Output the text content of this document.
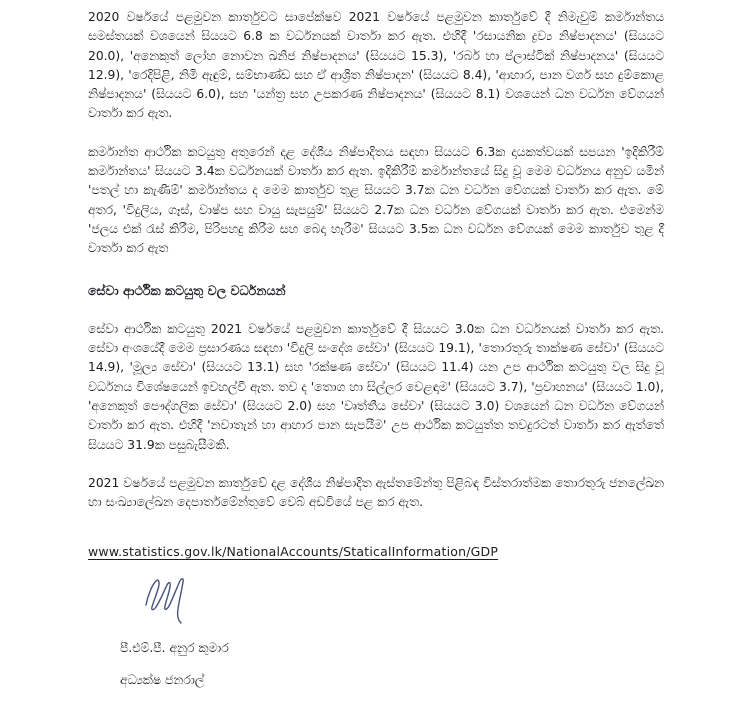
2020 වර්ෂයේ පළමුවන කාර්තුවට සාපේක්ෂව 2021 වර්ෂයේ පළමුවන කාර්තුවේ දී නිමැවුම් කර්මාන්තය සමස්තයක් වශයෙන් සියයට 6.8 ක වර්ධනයක් වාර්තා කර ඇත. එහිදී 'රසායනික ද්‍රව්‍ය නිෂ්පාදනය' (සියයට 20.0), 'අනෙකුත් ලෝහ නොවන ඛනිජ නිෂ්පාදනය' (සියයට 15.3), 'රබර් හා ප්ලාස්ටික් නිෂ්පාදනය' (සියයට 12.9), 'රෙදිපිළි, නිමි ඇඳුම්, සම්භාණ්ඩ සහ ඒ ආශ්‍රිත නිෂ්පාදන' (සියයට 8.4), 'ආහාර, පාන වර්ග සහ දුම්කොළ නිෂ්පාදනය' (සියයට 6.0), සහ 'යන්ත්‍ර සහ උපකරණ නිෂ්පාදනය' (සියයට 8.1) වශයෙන් ධන වර්ධන වේගයන් වාර්තා කර ඇත.

කර්මාන්ත ආර්ථික කටයුතු අතුරෙන් දළ දේශීය නිෂ්පාදිතය සඳහා සියයට 6.3ක දායකත්වයක් සපයන 'ඉදිකිරීම් කර්මාන්තය' සියයට 3.4ක වර්ධනයක් වාර්තා කර ඇත. ඉදිකිරීම් කර්මාන්තයේ සිදු වූ මෙම වර්ධනය අනුව යමින් 'පතල් හා කැණීම්' කර්මාන්තය ද මෙම කාර්තුව තුළ සියයට 3.7ක ධන වර්ධන වේගයක් වාර්තා කර ඇත. මේ අතර, 'විදුලිය, ගෑස්, වාෂ්ප සහ වායු සැපයුම්' සියයට 2.7ක ධන වර්ධන වේගයක් වාර්තා කර ඇත. එමෙන්ම 'ජලය එක් රැස් කිරීම, පිරිපහදු කිරීම සහ බෙදා හැරීම' සියයට 3.5ක ධන වර්ධන වේගයක් මෙම කාර්තුව තුළ දී වාර්තා කර ඇත

සේවා ආර්ථික කටයුතු වල වර්ධනයන්

සේවා ආර්ථික කටයුතු 2021 වර්ෂයේ පළමුවන කාර්තුවේ දී සියයට 3.0ක ධන වර්ධනයක් වාර්තා කර ඇත. සේවා අංශයේදී මෙම ප්‍රසාරණය සඳහා 'විදුලි සංදේශ සේවා' (සියයට 19.1), 'තොරතුරු තාක්ෂණ සේවා' (සියයට 14.9), 'මූල්‍ය සේවා' (සියයට 13.1) සහ 'රක්ෂණ සේවා' (සියයට 11.4) යන උප ආර්ථික කටයුතු වල සිදු වූ වර්ධනය විශේෂයෙන් ඉවහල්වී ඇත. තව ද 'තොග හා සිල්ලර වෙළඳාම' (සියයට 3.7), 'ප්‍රවාහනය' (සියයට 1.0), 'අනෙකුත් පෞද්ගලික සේවා' (සියයට 2.0) සහ 'වෘත්තීය සේවා' (සියයට 3.0) වශයෙන් ධන වර්ධන වේගයන් වාර්තා කර ඇත. එහිදී 'නවාතැන් හා ආහාර පාන සැපයීම' උප ආර්ථික කටයුත්ත තවදුරටත් වාර්තා කර ඇත්තේ සියයට 31.9ක පසුබැසීමකි.

2021 වර්ෂයේ පළමුවන කාර්තුවේ දළ දේශීය නිෂ්පාදිත ඇස්තමේන්තු පිළිබඳ විස්තරාත්මක තොරතුරු ජනලේඛන හා සංඛ්‍යාලේඛන දෙපාර්තමේන්තුවේ වෙබ් අඩවියේ පළ කර ඇත.

www.statistics.gov.lk/NationalAccounts/StaticalInformation/GDP
පී.එම්.පී. අනුර කුමාර
අධ්‍යක්ෂ ජනරාල්
